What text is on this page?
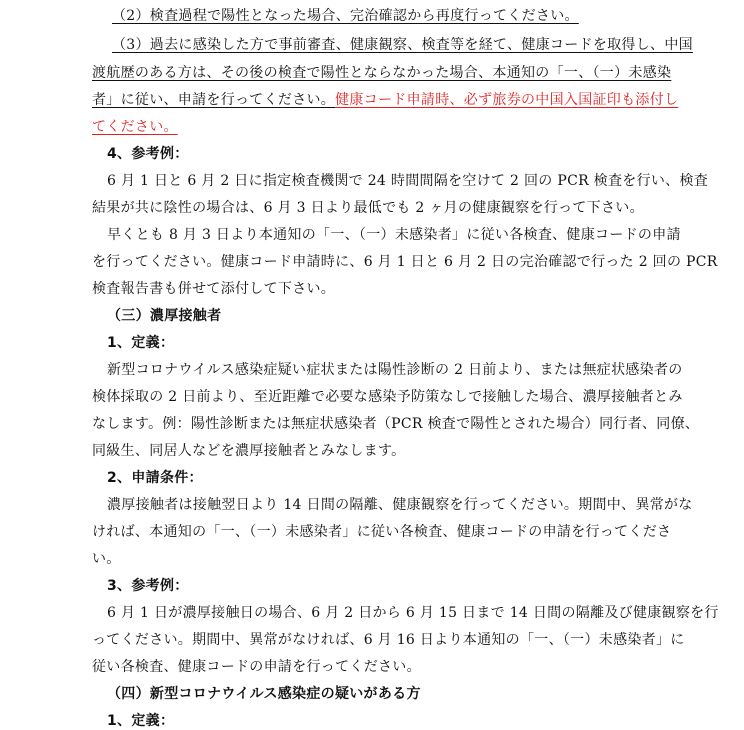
（2）検査過程で陽性となった場合、完治確認から再度行ってください。
（3）過去に感染した方で事前審査、健康観察、検査等を経て、健康コードを取得し、中国
渡航歴のある方は、その後の検査で陽性とならなかった場合、本通知の「一、（一）未感染
者」に従い、申請を行ってください。健康コード申請時、必ず旅券の中国入国証印も添付し
てください。
4、参考例：
6 月 1 日と 6 月 2 日に指定検査機関で 24 時間間隔を空けて 2 回の PCR 検査を行い、検査
結果が共に陰性の場合は、6 月 3 日より最低でも 2 ヶ月の健康観察を行って下さい。
早くとも 8 月 3 日より本通知の「一、（一）未感染者」に従い各検査、健康コードの申請
を行ってください。健康コード申請時に、6 月 1 日と 6 月 2 日の完治確認で行った 2 回の PCR
検査報告書も併せて添付して下さい。
（三）濃厚接触者
1、定義：
新型コロナウイルス感染症疑い症状または陽性診断の 2 日前より、または無症状感染者の
検体採取の 2 日前より、至近距離で必要な感染予防策なしで接触した場合、濃厚接触者とみ
なします。例：陽性診断または無症状感染者（PCR 検査で陽性とされた場合）同行者、同僚、
同級生、同居人などを濃厚接触者とみなします。
2、申請条件：
濃厚接触者は接触翌日より 14 日間の隔離、健康観察を行ってください。期間中、異常がな
ければ、本通知の「一、（一）未感染者」に従い各検査、健康コードの申請を行ってくださ
い。
3、参考例：
6 月 1 日が濃厚接触日の場合、6 月 2 日から 6 月 15 日まで 14 日間の隔離及び健康観察を行
ってください。期間中、異常がなければ、6 月 16 日より本通知の「一、（一）未感染者」に
従い各検査、健康コードの申請を行ってください。
（四）新型コロナウイルス感染症の疑いがある方
1、定義：
